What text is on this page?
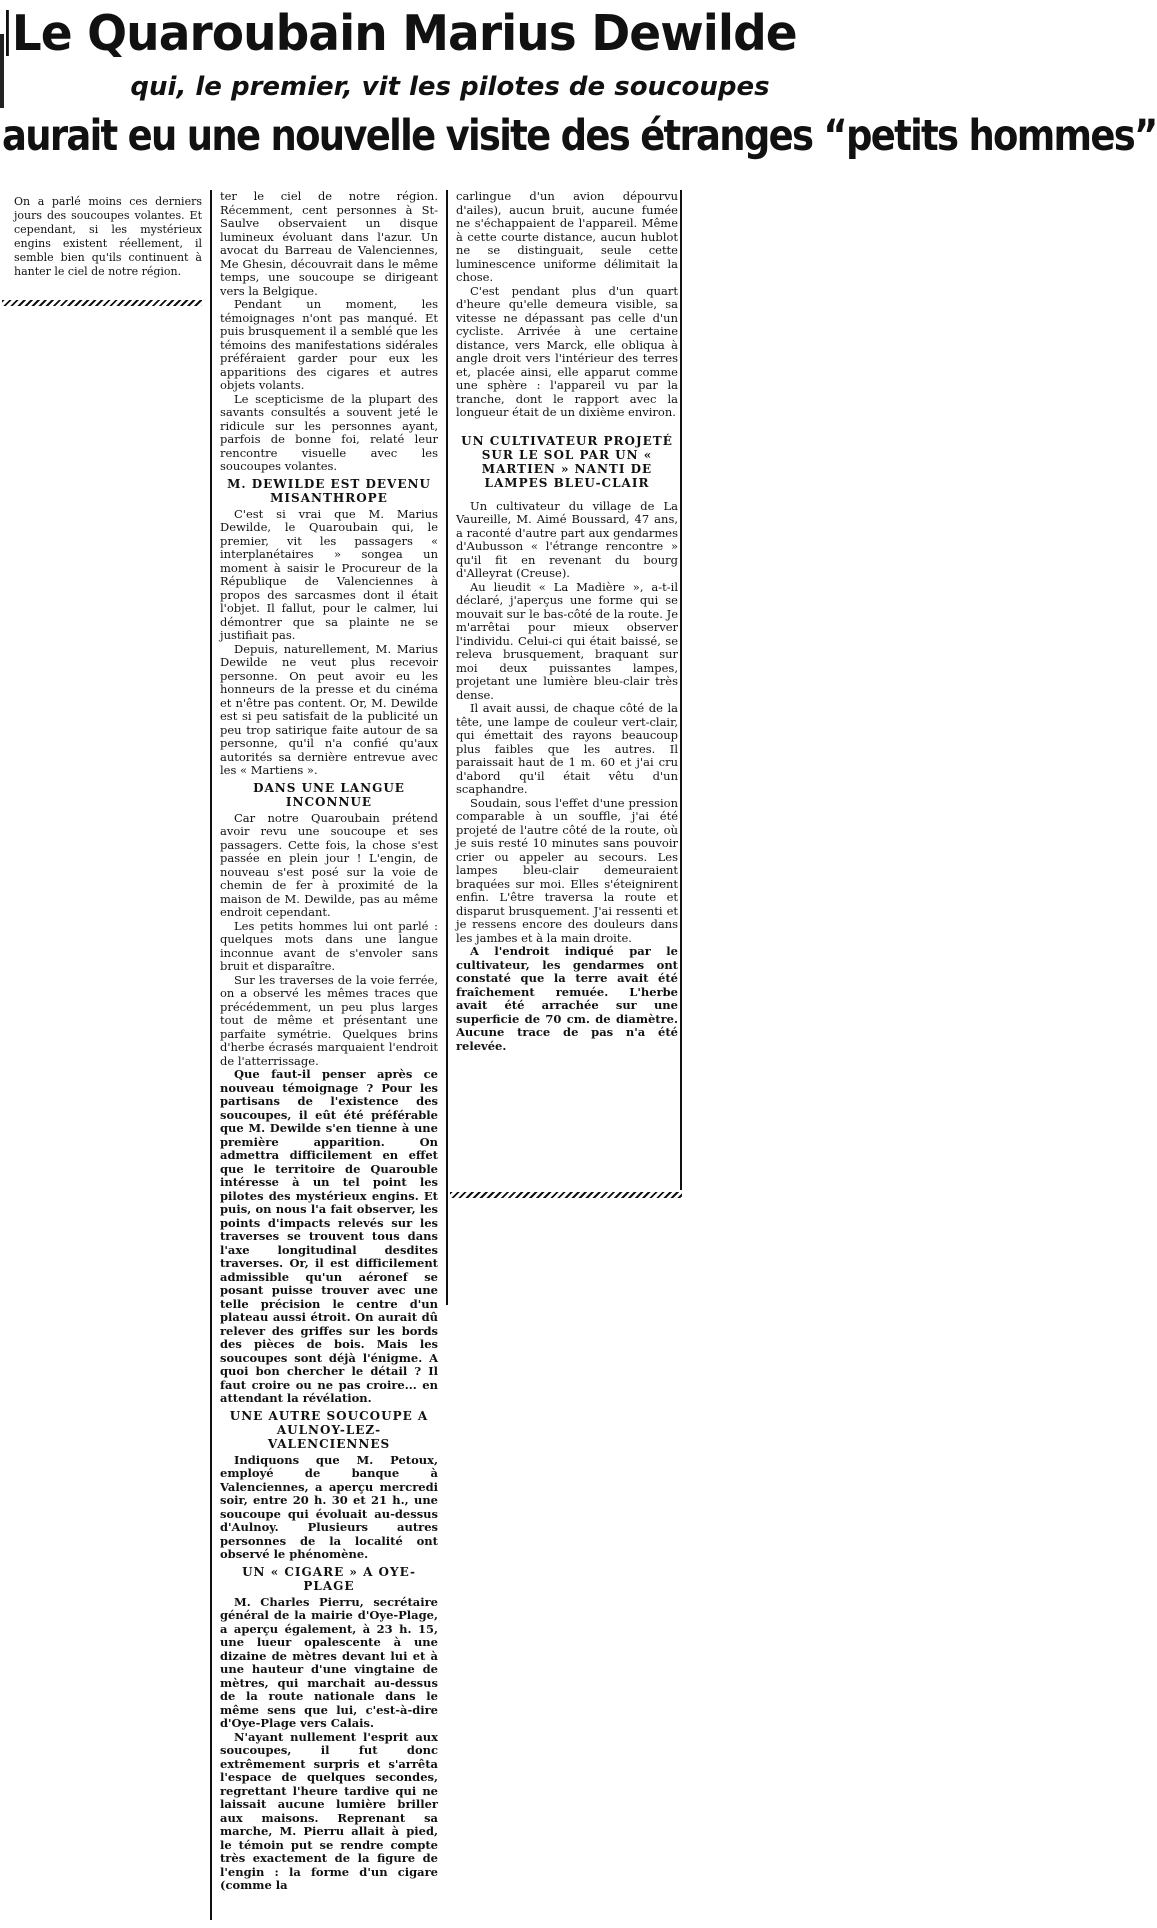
Le Quaroubain Marius Dewilde
qui, le premier, vit les pilotes de soucoupes
aurait eu une nouvelle visite des étranges “petits hommes”

On a parlé moins ces derniers jours des soucoupes volantes. Et cependant, si les mystérieux engins existent réellement, il semble bien qu'ils continuent à hanter le ciel de notre région.

ter le ciel de notre région. Récemment, cent personnes à St-Saulve observaient un disque lumineux évoluant dans l'azur. Un avocat du Barreau de Valenciennes, Me Ghesin, découvrait dans le même temps, une soucoupe se dirigeant vers la Belgique.

Pendant un moment, les témoignages n'ont pas manqué. Et puis brusquement il a semblé que les témoins des manifestations sidérales préféraient garder pour eux les apparitions des cigares et autres objets volants.

Le scepticisme de la plupart des savants consultés a souvent jeté le ridicule sur les personnes ayant, parfois de bonne foi, relaté leur rencontre visuelle avec les soucoupes volantes.

M. DEWILDE EST DEVENU MISANTHROPE

C'est si vrai que M. Marius Dewilde, le Quaroubain qui, le premier, vit les passagers « interplanétaires » songea un moment à saisir le Procureur de la République de Valenciennes à propos des sarcasmes dont il était l'objet. Il fallut, pour le calmer, lui démontrer que sa plainte ne se justifiait pas.

Depuis, naturellement, M. Marius Dewilde ne veut plus recevoir personne. On peut avoir eu les honneurs de la presse et du cinéma et n'être pas content. Or, M. Dewilde est si peu satisfait de la publicité un peu trop satirique faite autour de sa personne, qu'il n'a confié qu'aux autorités sa dernière entrevue avec les « Martiens ».

DANS UNE LANGUE INCONNUE

Car notre Quaroubain prétend avoir revu une soucoupe et ses passagers. Cette fois, la chose s'est passée en plein jour ! L'engin, de nouveau s'est posé sur la voie de chemin de fer à proximité de la maison de M. Dewilde, pas au même endroit cependant.

Les petits hommes lui ont parlé : quelques mots dans une langue inconnue avant de s'envoler sans bruit et disparaître.

Sur les traverses de la voie ferrée, on a observé les mêmes traces que précédemment, un peu plus larges tout de même et présentant une parfaite symétrie. Quelques brins d'herbe écrasés marquaient l'endroit de l'atterrissage.

Que faut-il penser après ce nouveau témoignage ? Pour les partisans de l'existence des soucoupes, il eût été préférable que M. Dewilde s'en tienne à une première apparition. On admettra difficilement en effet que le territoire de Quarouble intéresse à un tel point les pilotes des mystérieux engins. Et puis, on nous l'a fait observer, les points d'impacts relevés sur les traverses se trouvent tous dans l'axe longitudinal desdites traverses. Or, il est difficilement admissible qu'un aéronef se posant puisse trouver avec une telle précision le centre d'un plateau aussi étroit. On aurait dû relever des griffes sur les bords des pièces de bois. Mais les soucoupes sont déjà l'énigme. A quoi bon chercher le détail ? Il faut croire ou ne pas croire... en attendant la révélation.

UNE AUTRE SOUCOUPE A AULNOY-LEZ-VALENCIENNES

Indiquons que M. Petoux, employé de banque à Valenciennes, a aperçu mercredi soir, entre 20 h. 30 et 21 h., une soucoupe qui évoluait au-dessus d'Aulnoy. Plusieurs autres personnes de la localité ont observé le phénomène.

UN « CIGARE » A OYE-PLAGE

M. Charles Pierru, secrétaire général de la mairie d'Oye-Plage, a aperçu également, à 23 h. 15, une lueur opalescente à une dizaine de mètres devant lui et à une hauteur d'une vingtaine de mètres, qui marchait au-dessus de la route nationale dans le même sens que lui, c'est-à-dire d'Oye-Plage vers Calais.

N'ayant nullement l'esprit aux soucoupes, il fut donc extrêmement surpris et s'arrêta l'espace de quelques secondes, regrettant l'heure tardive qui ne laissait aucune lumière briller aux maisons. Reprenant sa marche, M. Pierru allait à pied, le témoin put se rendre compte très exactement de la figure de l'engin : la forme d'un cigare (comme la

carlingue d'un avion dépourvu d'ailes), aucun bruit, aucune fumée ne s'échappaient de l'appareil. Même à cette courte distance, aucun hublot ne se distinguait, seule cette luminescence uniforme délimitait la chose.

C'est pendant plus d'un quart d'heure qu'elle demeura visible, sa vitesse ne dépassant pas celle d'un cycliste. Arrivée à une certaine distance, vers Marck, elle obliqua à angle droit vers l'intérieur des terres et, placée ainsi, elle apparut comme une sphère : l'appareil vu par la tranche, dont le rapport avec la longueur était de un dixième environ.

UN CULTIVATEUR PROJETÉ SUR LE SOL PAR UN « MARTIEN » NANTI DE LAMPES BLEU-CLAIR

Un cultivateur du village de La Vaureille, M. Aimé Boussard, 47 ans, a raconté d'autre part aux gendarmes d'Aubusson « l'étrange rencontre » qu'il fit en revenant du bourg d'Alleyrat (Creuse).

Au lieudit « La Madière », a-t-il déclaré, j'aperçus une forme qui se mouvait sur le bas-côté de la route. Je m'arrêtai pour mieux observer l'individu. Celui-ci qui était baissé, se releva brusquement, braquant sur moi deux puissantes lampes, projetant une lumière bleu-clair très dense.

Il avait aussi, de chaque côté de la tête, une lampe de couleur vert-clair, qui émettait des rayons beaucoup plus faibles que les autres. Il paraissait haut de 1 m. 60 et j'ai cru d'abord qu'il était vêtu d'un scaphandre.

Soudain, sous l'effet d'une pression comparable à un souffle, j'ai été projeté de l'autre côté de la route, où je suis resté 10 minutes sans pouvoir crier ou appeler au secours. Les lampes bleu-clair demeuraient braquées sur moi. Elles s'éteignirent enfin. L'être traversa la route et disparut brusquement. J'ai ressenti et je ressens encore des douleurs dans les jambes et à la main droite.

A l'endroit indiqué par le cultivateur, les gendarmes ont constaté que la terre avait été fraîchement remuée. L'herbe avait été arrachée sur une superficie de 70 cm. de diamètre. Aucune trace de pas n'a été relevée.
